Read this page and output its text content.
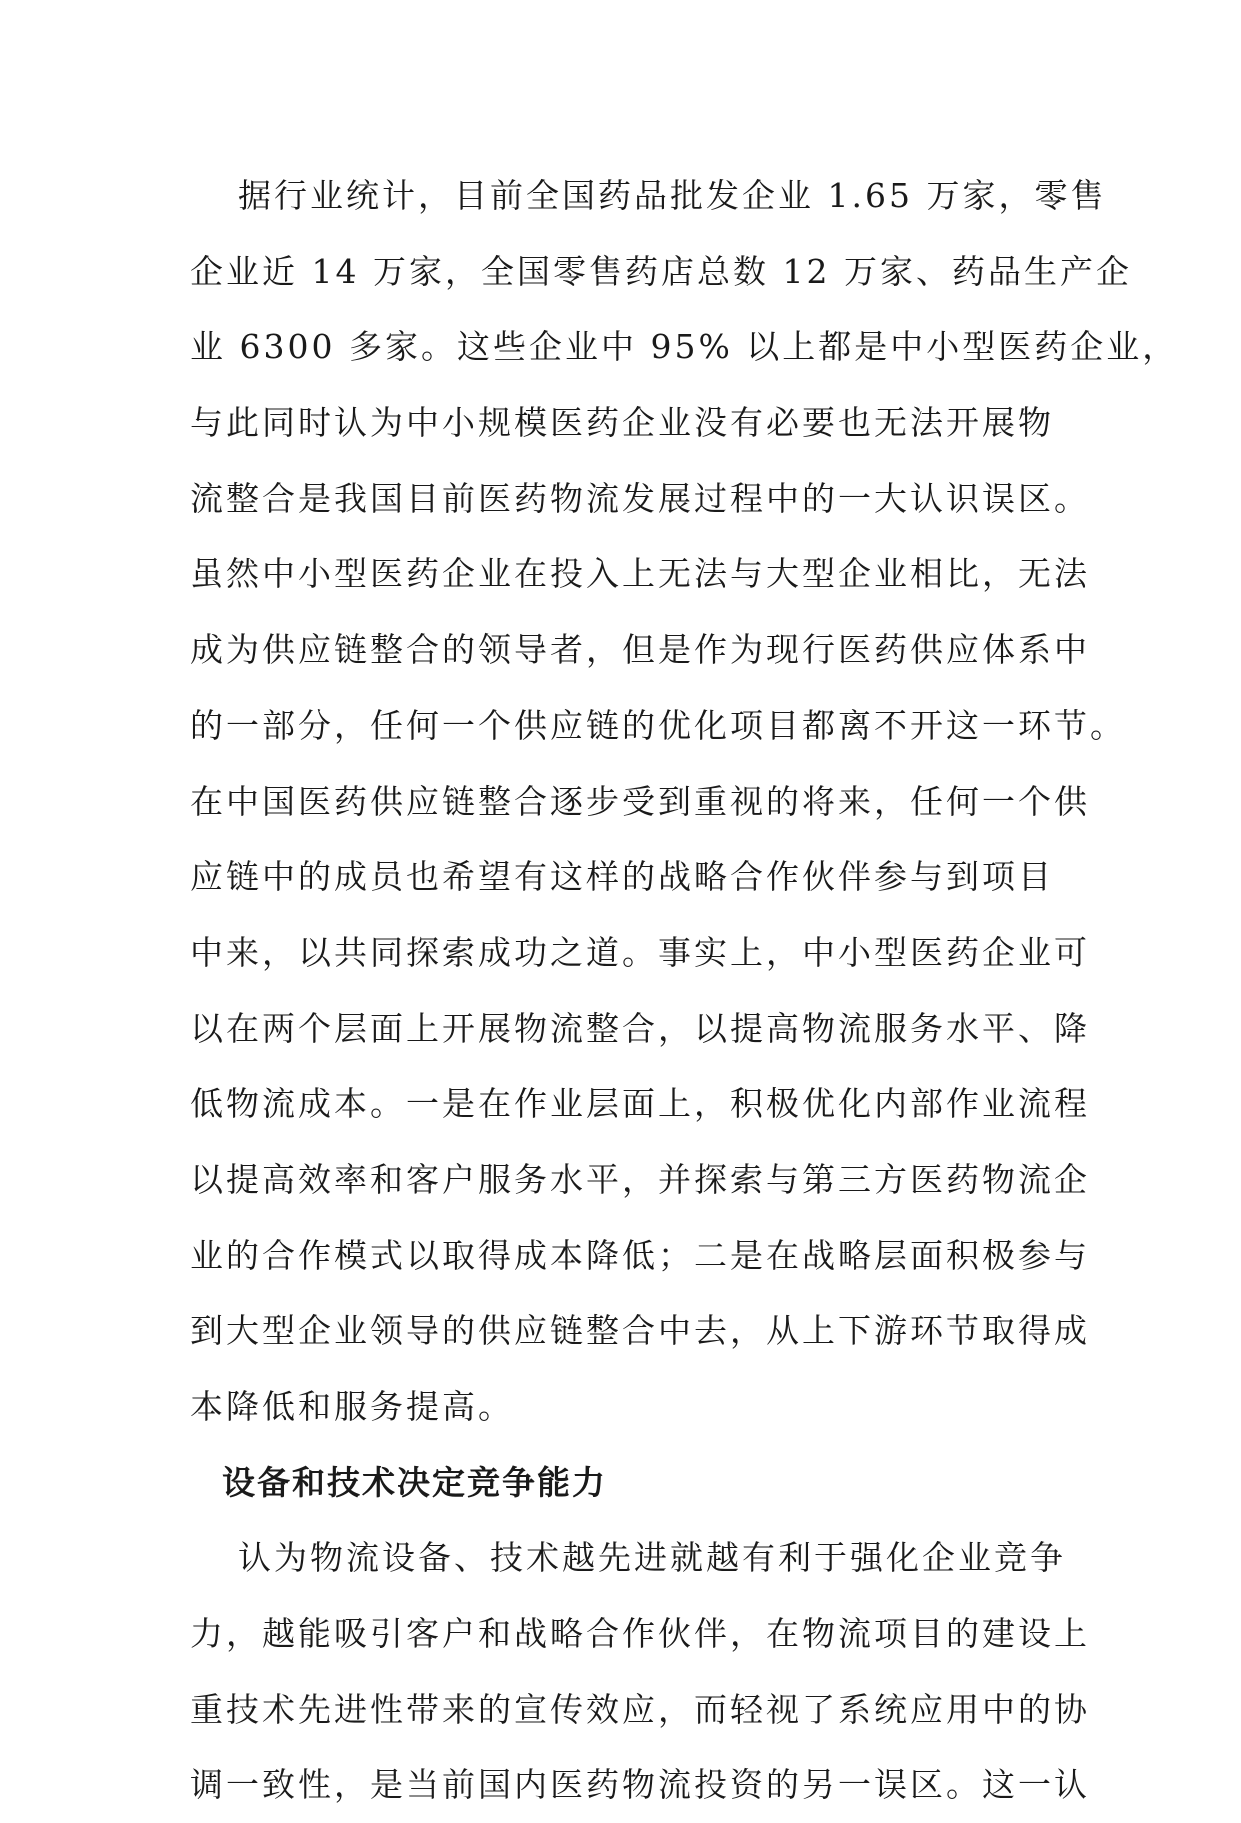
据行业统计，目前全国药品批发企业 1.65 万家，零售
企业近 14 万家，全国零售药店总数 12 万家、药品生产企
业 6300 多家。这些企业中 95% 以上都是中小型医药企业，
与此同时认为中小规模医药企业没有必要也无法开展物
流整合是我国目前医药物流发展过程中的一大认识误区。
虽然中小型医药企业在投入上无法与大型企业相比，无法
成为供应链整合的领导者，但是作为现行医药供应体系中
的一部分，任何一个供应链的优化项目都离不开这一环节。
在中国医药供应链整合逐步受到重视的将来，任何一个供
应链中的成员也希望有这样的战略合作伙伴参与到项目
中来，以共同探索成功之道。事实上，中小型医药企业可
以在两个层面上开展物流整合，以提高物流服务水平、降
低物流成本。一是在作业层面上，积极优化内部作业流程
以提高效率和客户服务水平，并探索与第三方医药物流企
业的合作模式以取得成本降低；二是在战略层面积极参与
到大型企业领导的供应链整合中去，从上下游环节取得成
本降低和服务提高。
设备和技术决定竞争能力
认为物流设备、技术越先进就越有利于强化企业竞争
力，越能吸引客户和战略合作伙伴，在物流项目的建设上
重技术先进性带来的宣传效应，而轻视了系统应用中的协
调一致性，是当前国内医药物流投资的另一误区。这一认
